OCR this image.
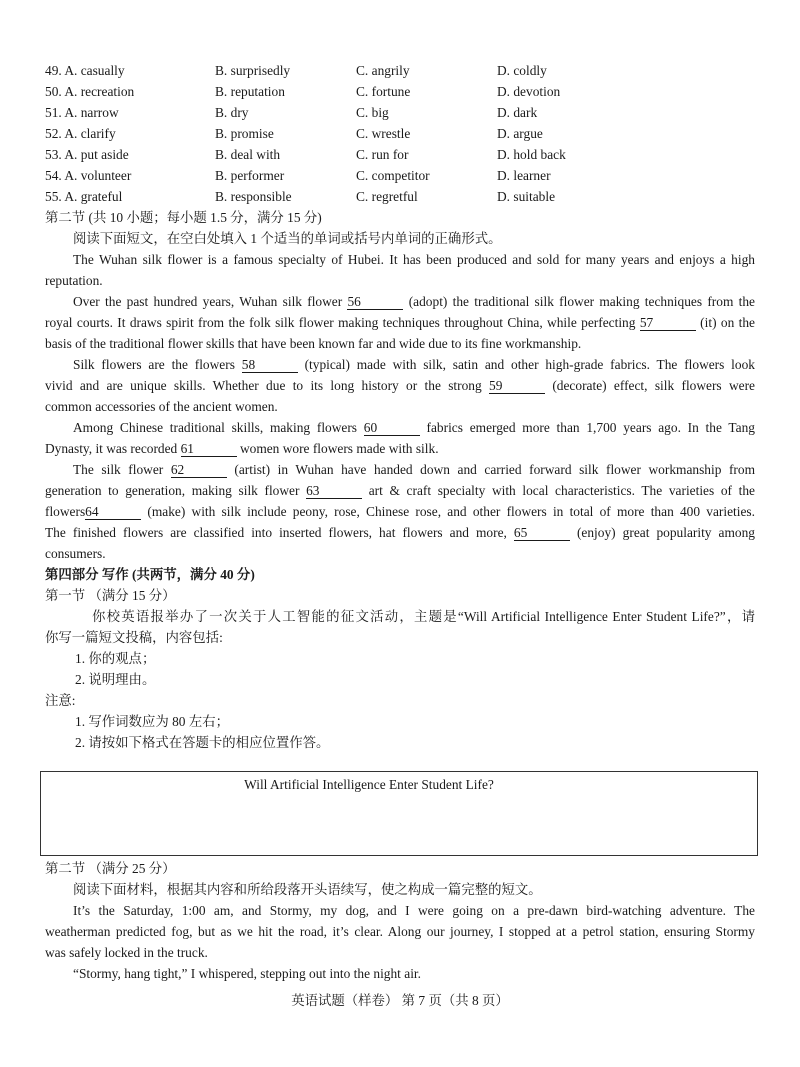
49. A. casually	B. surprisedly	C. angrily	D. coldly
50. A. recreation	B. reputation	C. fortune	D. devotion
51. A. narrow	B. dry	C. big	D. dark
52. A. clarify	B. promise	C. wrestle	D. argue
53. A. put aside	B. deal with	C. run for	D. hold back
54. A. volunteer	B. performer	C. competitor	D. learner
55. A. grateful	B. responsible	C. regretful	D. suitable
第二节 (共 10 小题；每小题 1.5 分，满分 15 分)
阅读下面短文，在空白处填入 1 个适当的单词或括号内单词的正确形式。
The Wuhan silk flower is a famous specialty of Hubei. It has been produced and sold for many years and enjoys a high
reputation.
Over the past hundred years, Wuhan silk flower 56	(adopt) the traditional silk flower making techniques from the
royal courts. It draws spirit from the folk silk flower making techniques throughout China, while perfecting 57	(it) on the
basis of the traditional flower skills that have been known far and wide due to its fine workmanship.
Silk flowers are the flowers 58	(typical) made with silk, satin and other high-grade fabrics. The flowers look
vivid and are unique skills. Whether due to its long history or the strong 59	(decorate) effect, silk flowers were
common accessories of the ancient women.
Among Chinese traditional skills, making flowers 60	fabrics emerged more than 1,700 years ago. In the Tang
Dynasty, it was recorded 61	women wore flowers made with silk.
The silk flower 62	(artist) in Wuhan have handed down and carried forward silk flower workmanship from
generation to generation, making silk flower 63	art & craft specialty with local characteristics. The varieties of the
flowers64	(make) with silk include peony, rose, Chinese rose, and other flowers in total of more than 400 varieties.
The finished flowers are classified into inserted flowers, hat flowers and more, 65	(enjoy) great popularity among
consumers.
第四部分 写作 (共两节，满分 40 分)
第一节 （满分 15 分）
你校英语报举办了一次关于人工智能的征文活动，主题是“Will Artificial Intelligence Enter Student Life?”，请
你写一篇短文投稿，内容包括:
1. 你的观点；
2. 说明理由。
注意:
1. 写作词数应为 80 左右；
2. 请按如下格式在答题卡的相应位置作答。
Will Artificial Intelligence Enter Student Life?
第二节 （满分 25 分）
阅读下面材料，根据其内容和所给段落开头语续写，使之构成一篇完整的短文。
It’s the Saturday, 1:00 am, and Stormy, my dog, and I were going on a pre-dawn bird-watching adventure. The
weatherman predicted fog, but as we hit the road, it’s clear. Along our journey, I stopped at a petrol station, ensuring Stormy
was safely locked in the truck.
“Stormy, hang tight,” I whispered, stepping out into the night air.
英语试题（样卷） 第 7 页（共 8 页）
